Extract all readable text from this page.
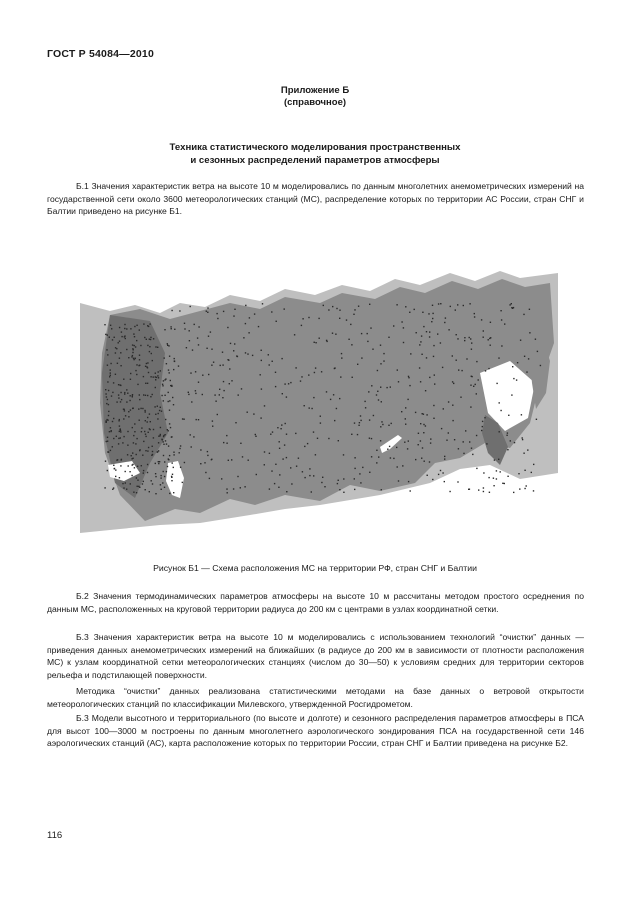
ГОСТ Р 54084—2010
Приложение Б
(справочное)
Техника статистического моделирования пространственных
и сезонных распределений параметров атмосферы

Б.1 Значения характеристик ветра на высоте 10 м моделировались по данным многолетних анемометрических измерений на государственной сети около 3600 метеорологических станций (МС), распределение которых по территории АС России, стран СНГ и Балтии приведено на рисунке Б1.

Рисунок Б1 — Схема расположения МС на территории РФ, стран СНГ и Балтии

Б.2 Значения термодинамических параметров атмосферы на высоте 10 м рассчитаны методом простого осреднения по данным МС, расположенных на круговой территории радиуса до 200 км с центрами в узлах координатной сетки.

Б.3 Значения характеристик ветра на высоте 10 м моделировались с использованием технологий “очистки” данных — приведения данных анемометрических измерений на ближайших (в радиусе до 200 км в зависимости от плотности расположения МС) к узлам координатной сетки метеорологических станциях (числом до 30—50) к условиям средних для территории секторов рельефа и подстилающей поверхности.

Методика “очистки” данных реализована статистическими методами на базе данных о ветровой открытости метеорологических станций по классификации Милевского, утвержденной Росгидрометом.

Б.3 Модели высотного и территориального (по высоте и долготе) и сезонного распределения параметров атмосферы в ПСА для высот 100—3000 м построены по данным многолетнего аэрологического зондирования ПСА на государственной сети 146 аэрологических станций (АС), карта расположение которых по территории России, стран СНГ и Балтии приведена на рисунке Б2.

116
